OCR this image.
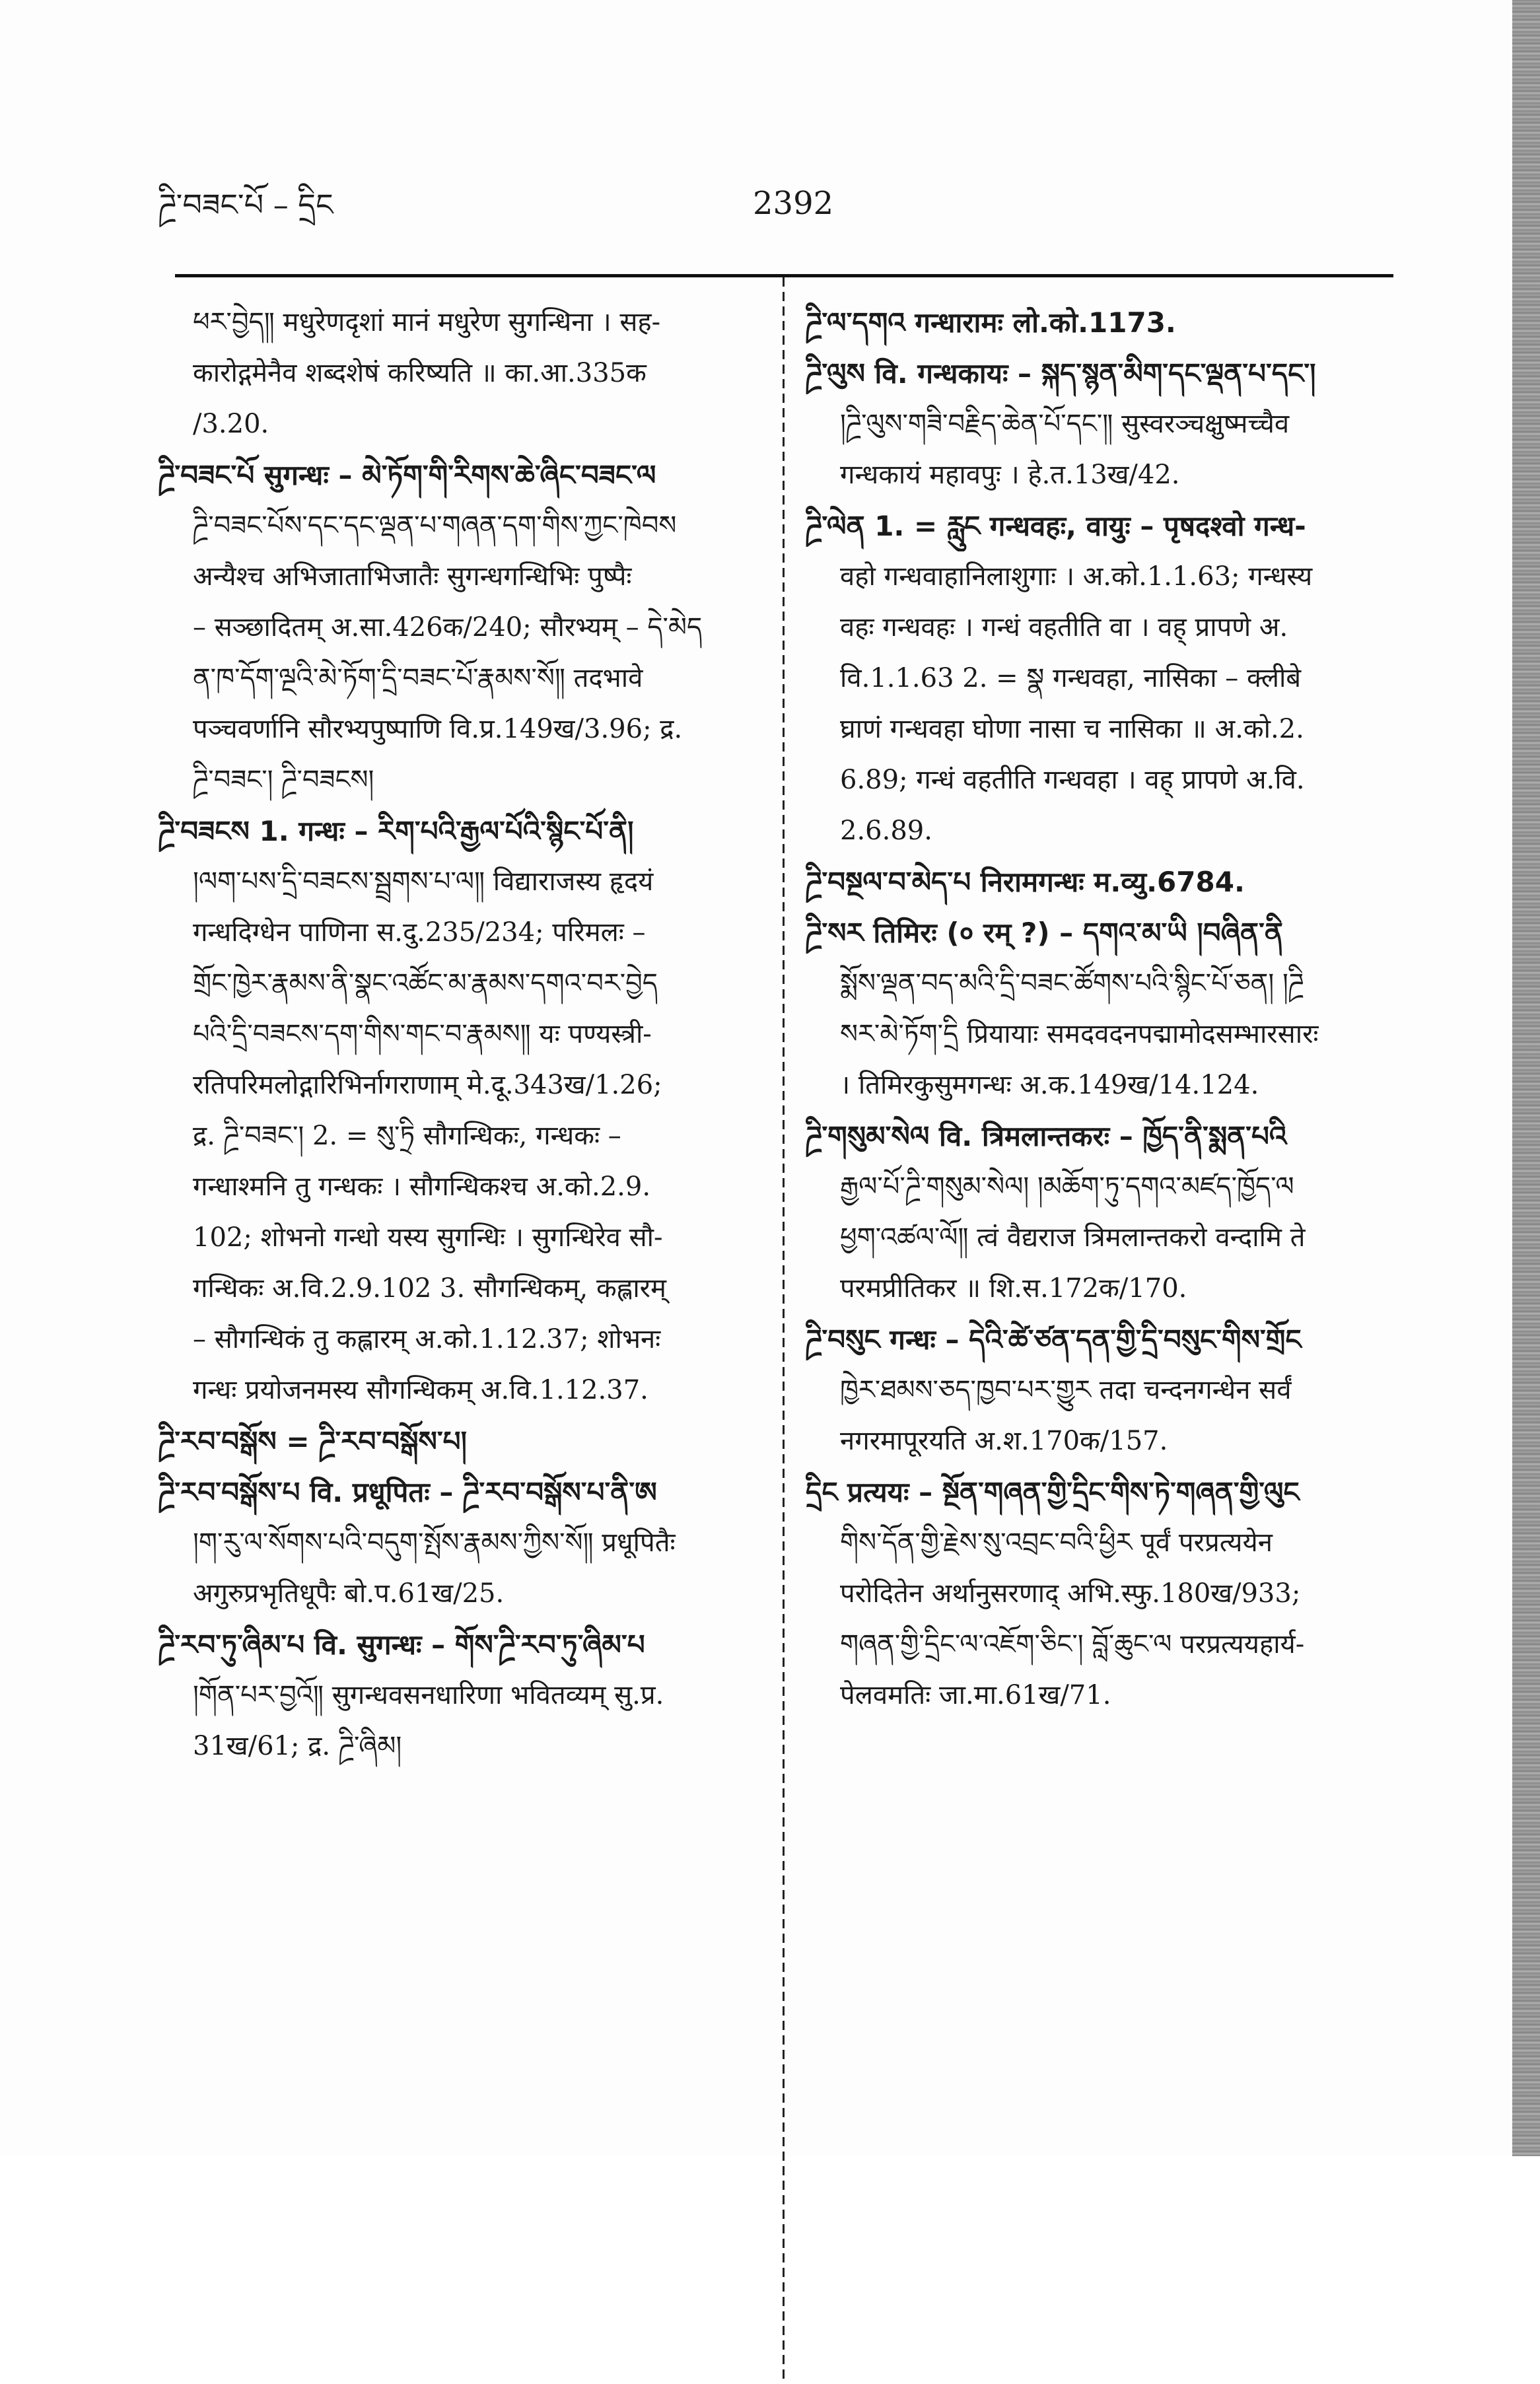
ཌྲི་བཟང་པོ – དྲིང	2392
ཕར་བྱེད༎ मधुरेणदृशां मानं मधुरेण सुगन्धिना । सह-
कारोद्गमेनैव शब्दशेषं करिष्यति ॥ का.आ.335क
/3.20.
ཌྲི་བཟང་པོ सुगन्धः – མེ་ཏོག་གི་རིགས་ཆེ་ཞིང་བཟང་ལ
ཌྲི་བཟང་པོས་དང་དང་ལྡན་པ་གཞན་དག་གིས་ཀྱང་ཁེབས
अन्यैश्च अभिजाताभिजातैः सुगन्धगन्धिभिः पुष्पैः
– सञ्छादितम् अ.सा.426क/240; सौरभ्यम् – དེ་མེད
ན་ཁ་དོག་ལྔའི་མེ་ཏོག་དྲི་བཟང་པོ་རྣམས་སོ༎ तदभावे
पञ्चवर्णानि सौरभ्यपुष्पाणि वि.प्र.149ख/3.96; द्र.
ཌྲི་བཟང་། ཌྲི་བཟངས།
ཌྲི་བཟངས 1. गन्धः – རིག་པའི་རྒྱལ་པོའི་སྙིང་པོ་ནི།
།ལག་པས་དྲི་བཟངས་སྦྲགས་པ་ལ༎ विद्याराजस्य हृदयं
गन्धदिग्धेन पाणिना स.दु.235/234; परिमलः –
གྲོང་ཁྱེར་རྣམས་ནི་སྣང་འཚོང་མ་རྣམས་དགའ་བར་བྱེད
པའི་དྲི་བཟངས་དག་གིས་གང་བ་རྣམས༎ यः पण्यस्त्री-
रतिपरिमलोद्गारिभिर्नागराणाम् मे.दू.343ख/1.26;
द्र. ཌྲི་བཟང་། 2. = སུ་ཏྲི सौगन्धिकः, गन्धकः –
गन्धाश्मनि तु गन्धकः । सौगन्धिकश्च अ.को.2.9.
102; शोभनो गन्धो यस्य सुगन्धिः । सुगन्धिरेव सौ-
गन्धिकः अ.वि.2.9.102 3. सौगन्धिकम्, कह्लारम्
– सौगन्धिकं तु कह्लारम् अ.को.1.12.37; शोभनः
गन्धः प्रयोजनमस्य सौगन्धिकम् अ.वि.1.12.37.
ཌྲི་རབ་བསྒོས = ཌྲི་རབ་བསྒོས་པ།
ཌྲི་རབ་བསྒོས་པ वि. प्रधूपितः – ཌྲི་རབ་བསྒོས་པ་ནི་ཨ
།ག་རུ་ལ་སོགས་པའི་བདུག་སྤོས་རྣམས་ཀྱིས་སོ༎ प्रधूपितैः
अगुरुप्रभृतिधूपैः बो.प.61ख/25.
ཌྲི་རབ་ཏུ་ཞིམ་པ वि. सुगन्धः – གོས་ཌྲི་རབ་ཏུ་ཞིམ་པ
།གོན་པར་བྱའོ༎ सुगन्धवसनधारिणा भवितव्यम् सु.प्र.
31ख/61; द्र. ཌྲི་ཞིམ།
ཌྲི་ལ་དགའ गन्धारामः लो.को.1173.
ཌྲི་ལུས वि. गन्धकायः – སྐད་སྙན་མིག་དང་ལྡན་པ་དང་།
།ཌྲི་ལུས་གཟི་བརྗིད་ཆེན་པོ་དང་༎ सुस्वरञ्चक्षुष्मच्चैव
गन्धकायं महावपुः । हे.त.13ख/42.
ཌྲི་ལེན 1. = རླུང गन्धवहः, वायुः – पृषदश्वो गन्ध-
वहो गन्धवाहानिलाशुगाः । अ.को.1.1.63; गन्धस्य
वहः गन्धवहः । गन्धं वहतीति वा । वह् प्रापणे अ.
वि.1.1.63 2. = སྣ गन्धवहा, नासिका – क्लीबे
घ्राणं गन्धवहा घोणा नासा च नासिका ॥ अ.को.2.
6.89; गन्धं वहतीति गन्धवहा । वह् प्रापणे अ.वि.
2.6.89.
ཌྲི་བསྔལ་བ་མེད་པ निरामगन्धः म.व्यु.6784.
ཌྲི་སར तिमिरः (० रम् ?) – དགའ་མ་ཡི །བཞིན་ནི
སྨོས་ལྡན་བད་མའི་དྲི་བཟང་ཚོགས་པའི་སྙིང་པོ་ཅན། །ཌྲི
སར་མེ་ཏོག་དྲི प्रियायाः समदवदनपद्मामोदसम्भारसारः
। तिमिरकुसुमगन्धः अ.क.149ख/14.124.
ཌྲི་གསུམ་སེལ वि. त्रिमलान्तकरः – ཁྱོད་ནི་སྨན་པའི
རྒྱལ་པོ་ཌྲི་གསུམ་སེལ། །མཆོག་ཏུ་དགའ་མཛད་ཁྱོད་ལ
ཕྱག་འཚལ་ལོ༎ त्वं वैद्यराज त्रिमलान्तकरो वन्दामि ते
परमप्रीतिकर ॥ शि.स.172क/170.
ཌྲི་བསུང गन्धः – དེའི་ཚེ་ཙན་དན་གྱི་དྲི་བསུང་གིས་གྲོང
ཁྱེར་ཐམས་ཅད་ཁྱབ་པར་གྱུར तदा चन्दनगन्धेन सर्वं
नगरमापूरयति अ.श.170क/157.
དྲིང प्रत्ययः – སྔོན་གཞན་གྱི་དྲིང་གིས་ཏེ་གཞན་གྱི་ལུང
གིས་དོན་གྱི་རྗེས་སུ་འབྲང་བའི་ཕྱིར पूर्वं परप्रत्ययेन
परोदितेन अर्थानुसरणाद् अभि.स्फु.180ख/933;
གཞན་གྱི་དྲིང་ལ་འཇོག་ཅིང་། བློ་ཆུང་ལ परप्रत्ययहार्य-
पेलवमतिः जा.मा.61ख/71.
